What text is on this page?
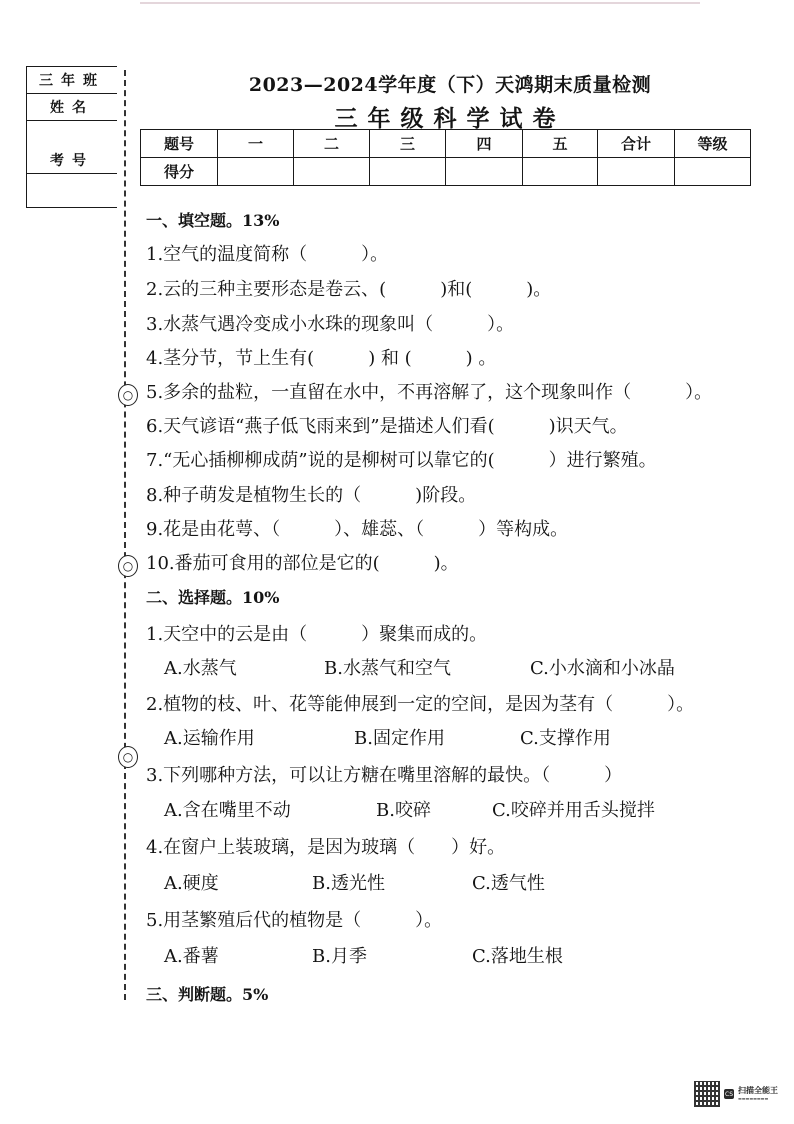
三年班
姓名
考号
○
○
○
2023—2024学年度（下）天鸿期末质量检测
三年级科学试卷
题号	一	二	三	四	五	合计	等级
得分							
一、填空题。13%
1.空气的温度简称（　　　）。
2.云的三种主要形态是卷云、(　　　)和(　　　)。
3.水蒸气遇冷变成小水珠的现象叫（　　　）。
4.茎分节，节上生有(　　　) 和 (　　　) 。
5.多余的盐粒，一直留在水中，不再溶解了，这个现象叫作（　　　）。
6.天气谚语“燕子低飞雨来到”是描述人们看(　　　)识天气。
7.“无心插柳柳成荫”说的是柳树可以靠它的(　　　）进行繁殖。
8.种子萌发是植物生长的（　　　)阶段。
9.花是由花萼、（　　　）、雄蕊、（　　　）等构成。
10.番茄可食用的部位是它的(　　　)。
二、选择题。10%
1.天空中的云是由（　　　）聚集而成的。
A.水蒸气	B.水蒸气和空气	C.小水滴和小冰晶
2.植物的枝、叶、花等能伸展到一定的空间，是因为茎有（　　　）。
A.运输作用	B.固定作用	C.支撑作用
3.下列哪种方法，可以让方糖在嘴里溶解的最快。（　　　）
A.含在嘴里不动	B.咬碎	C.咬碎并用舌头搅拌
4.在窗户上装玻璃，是因为玻璃（　　）好。
A.硬度	B.透光性	C.透气性
5.用茎繁殖后代的植物是（　　　）。
A.番薯	B.月季	C.落地生根
三、判断题。5%
CS 扫描全能王
▬▬▬▬▬▬▬▬
